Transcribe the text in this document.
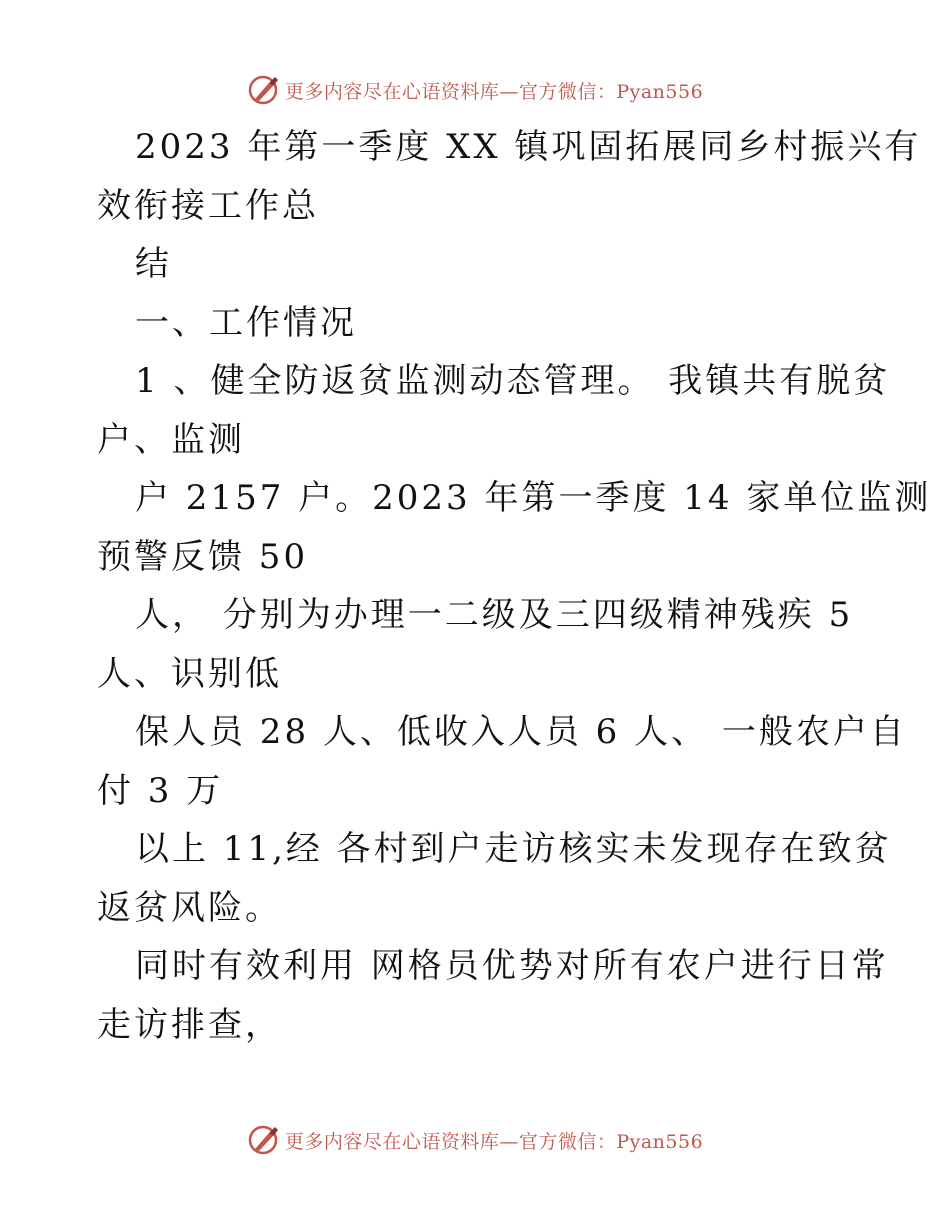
更多内容尽在心语资料库—官方微信：Pyan556
2023 年第一季度 XX 镇巩固拓展同乡村振兴有
效衔接工作总
结
一、工作情况
1 、健全防返贫监测动态管理。 我镇共有脱贫
户、监测
户 2157 户。2023 年第一季度 14 家单位监测
预警反馈 50
人， 分别为办理一二级及三四级精神残疾 5
人、识别低
保人员 28 人、低收入人员 6 人、 一般农户自
付 3 万
以上 11,经 各村到户走访核实未发现存在致贫
返贫风险。
同时有效利用 网格员优势对所有农户进行日常
走访排查，
更多内容尽在心语资料库—官方微信：Pyan556
